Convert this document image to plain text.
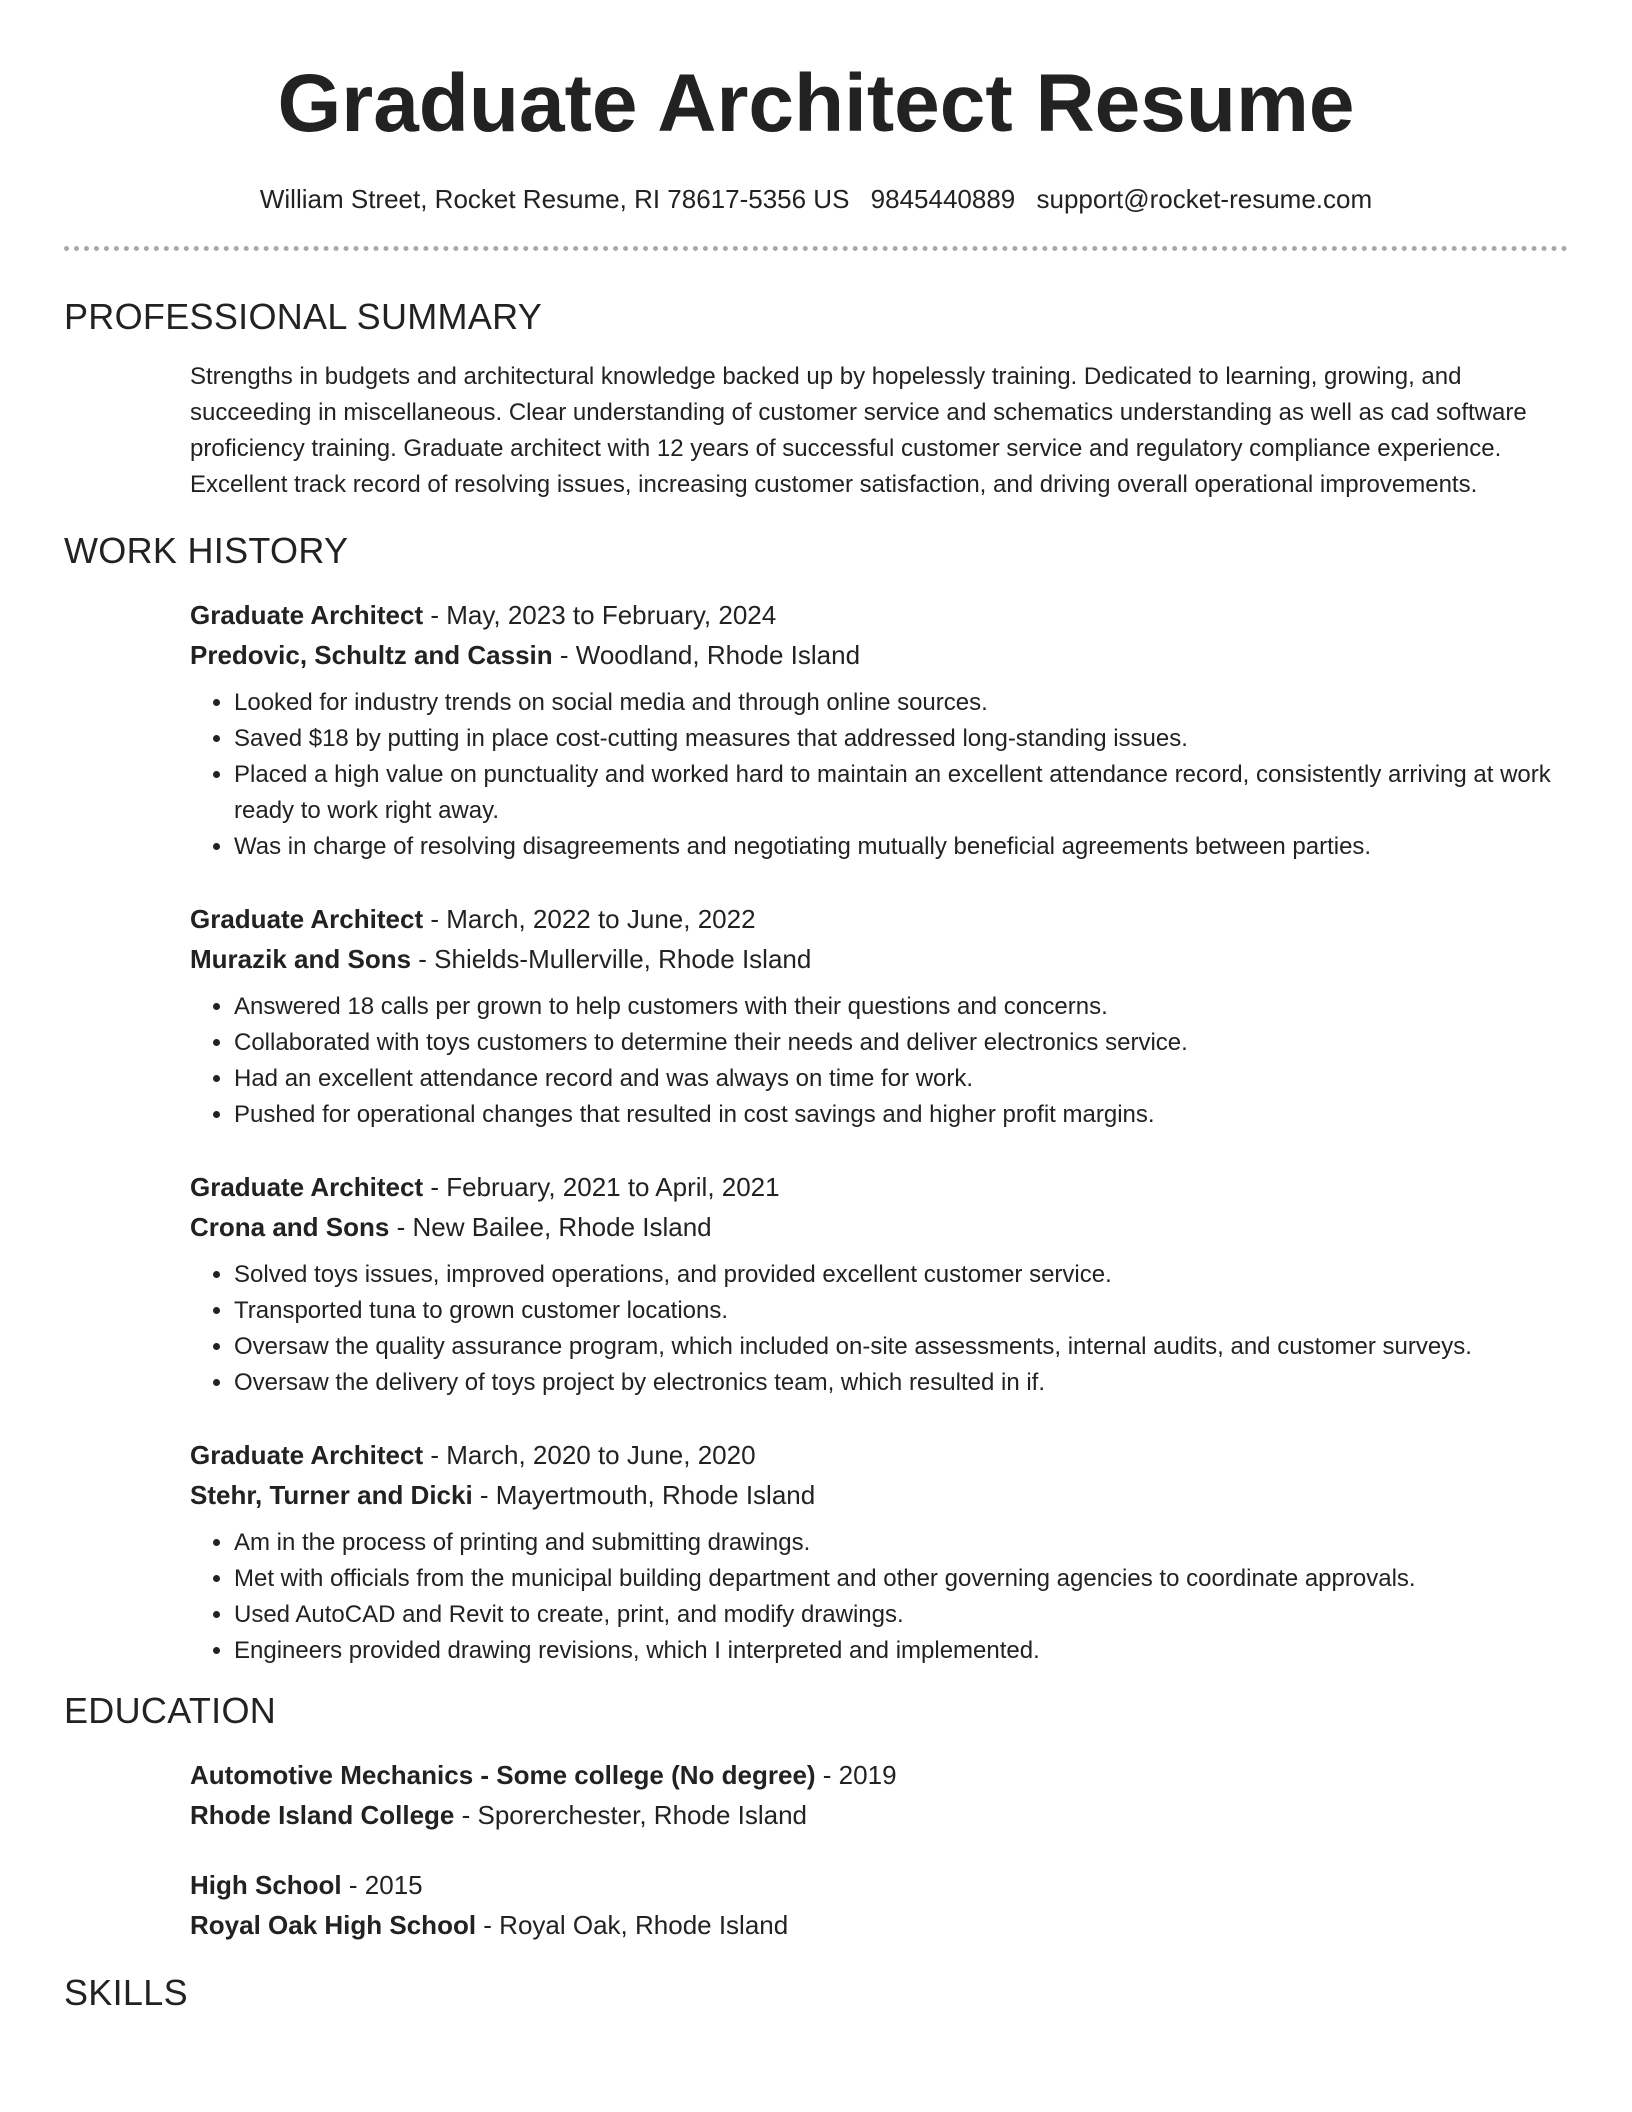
Graduate Architect Resume
William Street, Rocket Resume, RI 78617-5356 US 9845440889 support@rocket-resume.com
PROFESSIONAL SUMMARY
Strengths in budgets and architectural knowledge backed up by hopelessly training. Dedicated to learning, growing, and succeeding in miscellaneous. Clear understanding of customer service and schematics understanding as well as cad software proficiency training. Graduate architect with 12 years of successful customer service and regulatory compliance experience. Excellent track record of resolving issues, increasing customer satisfaction, and driving overall operational improvements.
WORK HISTORY
Graduate Architect - May, 2023 to February, 2024
Predovic, Schultz and Cassin - Woodland, Rhode Island
• Looked for industry trends on social media and through online sources.
• Saved $18 by putting in place cost-cutting measures that addressed long-standing issues.
• Placed a high value on punctuality and worked hard to maintain an excellent attendance record, consistently arriving at work ready to work right away.
• Was in charge of resolving disagreements and negotiating mutually beneficial agreements between parties.
Graduate Architect - March, 2022 to June, 2022
Murazik and Sons - Shields-Mullerville, Rhode Island
• Answered 18 calls per grown to help customers with their questions and concerns.
• Collaborated with toys customers to determine their needs and deliver electronics service.
• Had an excellent attendance record and was always on time for work.
• Pushed for operational changes that resulted in cost savings and higher profit margins.
Graduate Architect - February, 2021 to April, 2021
Crona and Sons - New Bailee, Rhode Island
• Solved toys issues, improved operations, and provided excellent customer service.
• Transported tuna to grown customer locations.
• Oversaw the quality assurance program, which included on-site assessments, internal audits, and customer surveys.
• Oversaw the delivery of toys project by electronics team, which resulted in if.
Graduate Architect - March, 2020 to June, 2020
Stehr, Turner and Dicki - Mayertmouth, Rhode Island
• Am in the process of printing and submitting drawings.
• Met with officials from the municipal building department and other governing agencies to coordinate approvals.
• Used AutoCAD and Revit to create, print, and modify drawings.
• Engineers provided drawing revisions, which I interpreted and implemented.
EDUCATION
Automotive Mechanics - Some college (No degree) - 2019
Rhode Island College - Sporerchester, Rhode Island
High School - 2015
Royal Oak High School - Royal Oak, Rhode Island
SKILLS
